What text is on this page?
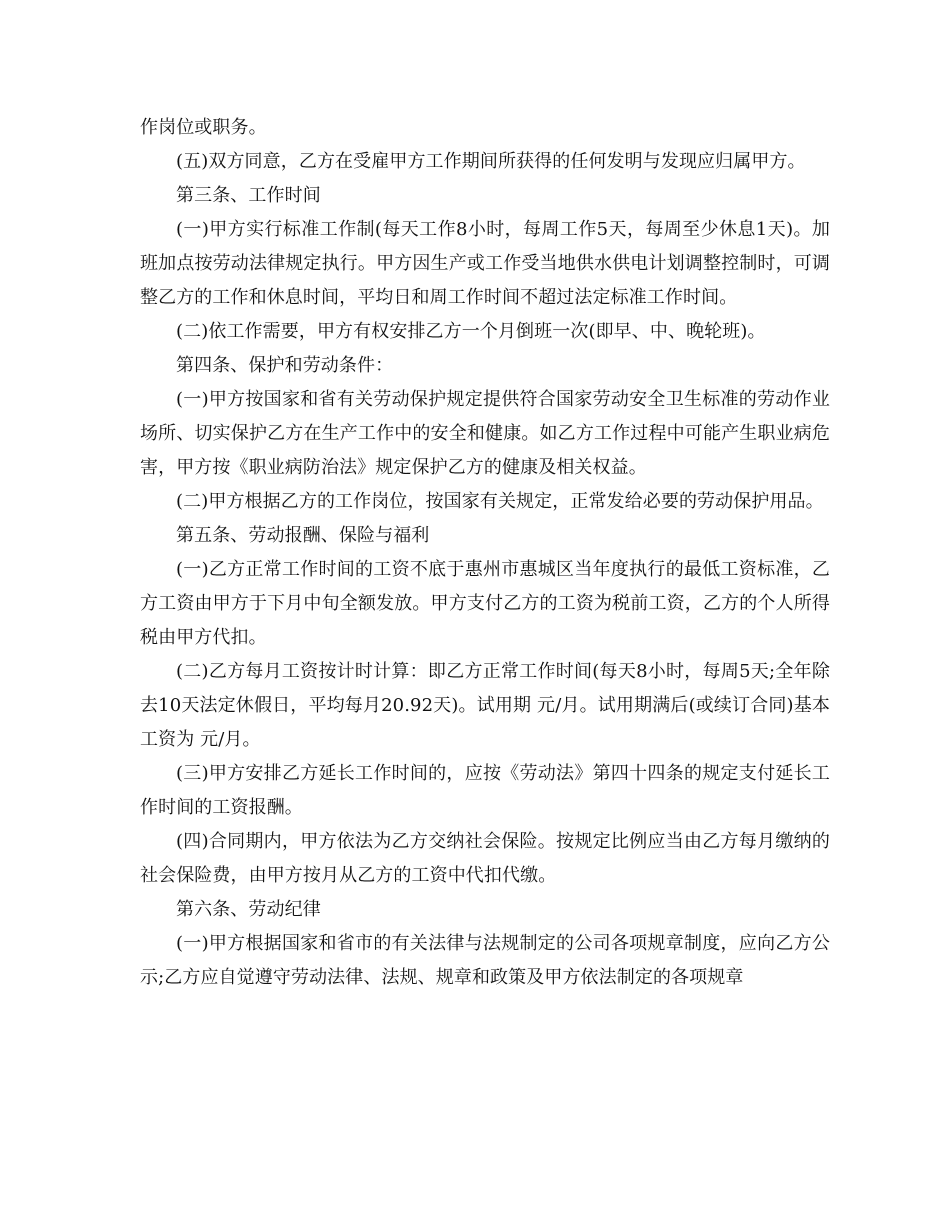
作岗位或职务。

(五)双方同意，乙方在受雇甲方工作期间所获得的任何发明与发现应归属甲方。

第三条、工作时间

(一)甲方实行标准工作制(每天工作8小时，每周工作5天，每周至少休息1天)。加班加点按劳动法律规定执行。甲方因生产或工作受当地供水供电计划调整控制时，可调整乙方的工作和休息时间，平均日和周工作时间不超过法定标准工作时间。

(二)依工作需要，甲方有权安排乙方一个月倒班一次(即早、中、晚轮班)。

第四条、保护和劳动条件：

(一)甲方按国家和省有关劳动保护规定提供符合国家劳动安全卫生标准的劳动作业场所、切实保护乙方在生产工作中的安全和健康。如乙方工作过程中可能产生职业病危害，甲方按《职业病防治法》规定保护乙方的健康及相关权益。

(二)甲方根据乙方的工作岗位，按国家有关规定，正常发给必要的劳动保护用品。

第五条、劳动报酬、保险与福利

(一)乙方正常工作时间的工资不底于惠州市惠城区当年度执行的最低工资标准，乙方工资由甲方于下月中旬全额发放。甲方支付乙方的工资为税前工资，乙方的个人所得税由甲方代扣。

(二)乙方每月工资按计时计算：即乙方正常工作时间(每天8小时，每周5天;全年除去10天法定休假日，平均每月20.92天)。试用期 元/月。试用期满后(或续订合同)基本工资为 元/月。

(三)甲方安排乙方延长工作时间的，应按《劳动法》第四十四条的规定支付延长工作时间的工资报酬。

(四)合同期内，甲方依法为乙方交纳社会保险。按规定比例应当由乙方每月缴纳的社会保险费，由甲方按月从乙方的工资中代扣代缴。

第六条、劳动纪律

(一)甲方根据国家和省市的有关法律与法规制定的公司各项规章制度，应向乙方公示;乙方应自觉遵守劳动法律、法规、规章和政策及甲方依法制定的各项规章
